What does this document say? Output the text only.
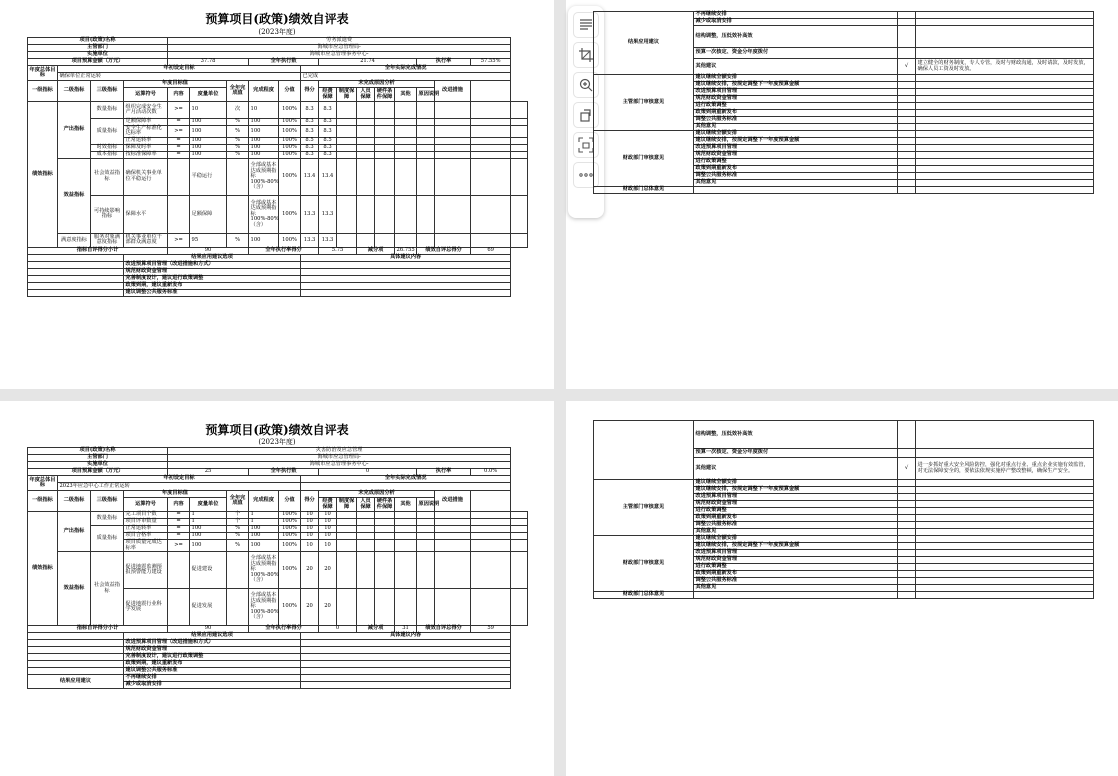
预算项目(政策)绩效自评表
(2023年度)
项目(政策)名称	劳务派遣费
主管部门	海城市应急管理局-
实施单位	海城市应急管理事务中心-
项目预算金额（万元）	37.78	全年执行数	21.74	执行率	57.55%
年度总体目标	年初设定目标	全年实际完成情况
确保单位正常运转	已完成
一级指标	二级指标	三级指标	年度目标值	全年完成值	完成程度	分值	得分	未完成原因分析	改进措施	
运算符号	内容	度量单位	经费保障	制度保障	人员保障	硬件条件保障	其他	原因说明

绩效指标	产出指标	数量指标	组织完成安全生产月活动次数	>=	10	次	10	100%	8.3	8.3								
质量指标	足额保障率	=	100	%	100	100%	8.3	8.3								
安全生产标准化达标率	>=	100	%	100	100%	8.3	8.3								
正常运转率	=	100	%	100	100%	8.5	8.5								
时效指标	保障及时率	=	100	%	100	100%	8.3	8.3								
成本指标	按标准保障率	=	100	%	100	100%	8.3	8.3								
效益指标	社会效益指标	确保机关事业单位平稳运行		平稳运行		全部或基本达成预期指标100%-80%（含）	100%	13.4	13.4								
可持续影响指标	保障水平		足额保障		全部或基本达成预期指标100%-80%（含）	100%	13.3	13.3								
满意度指标	服务对象满意度指标	机关事业单位干部群众满意度	>=	95	%	100	100%	13.3	13.3								
指标自评得分小计	90	全年执行率得分	5.75	减分项	26.755	绩效自评总得分	69
	结果应用建议选项	具体建议内容
	改进预算项目管理（改进措施和方式）	
	规范财政资金管理	
	完善制度设计，建议进行政策调整	
	政策到期，建议重新发布	
	建议调整公共服务标准	
结果应用建议	不再继续安排		
减少或取消安排		
结构调整，压低效补高效		
预算一次核定、资金分年度拨付		
其他建议	√	建立健全的财务制度，专人专管，及时与财政沟通，及时请款，及时发放，确保人员工资及时发放。
主管部门审核意见	建议继续全额安排		
建议继续安排，按规定调整下一年度预算金额		
改进预算项目管理		
规范财政资金管理		
进行政策调整		
政策到期重新发布		
调整公共服务标准		
其他意见		
财政部门审核意见	建议继续全额安排		
建议继续安排，按规定调整下一年度预算金额		
改进预算项目管理		
规范财政资金管理		
进行政策调整		
政策到期重新发布		
调整公共服务标准		
其他意见		
财政部门总体意见			
预算项目(政策)绩效自评表
(2023年度)
项目(政策)名称	灾害防治及应急管理
主管部门	海城市应急管理局-
实施单位	海城市应急管理事务中心-
项目预算金额（万元）	25	全年执行数	0	执行率	0.0%
年度总体目标	年初设定目标	全年实际完成情况
2023年应急中心工作正常运转	
一级指标	二级指标	三级指标	年度目标值	全年完成值	完成程度	分值	得分	未完成原因分析	改进措施	
运算符号	内容	度量单位	经费保障	制度保障	人员保障	硬件条件保障	其他	原因说明

绩效指标	产出指标	数量指标	完工项目个数	=	1	个	1	100%	10	10								
项目评审数量	=	1	个	1	100%	10	10								
质量指标	正常运转率	=	100	%	100	100%	10	10								
项目合格率	=	100	%	100	100%	10	10								
项目质量完成达标率	>=	100	%	100	100%	10	10								
效益指标	社会效益指标	促进地震监测预报预警能力建设		促进建设		全部或基本达成预期指标100%-80%（含）	100%	20	20								
促进地震行业科学发展		促进发展		全部或基本达成预期指标100%-80%（含）	100%	20	20								
指标自评得分小计	90	全年执行率得分	0	减分项	31	绩效自评总得分	59
	结果应用建议选项	具体建议内容
	改进预算项目管理（改进措施和方式）	
	规范财政资金管理	
	完善制度设计，建议进行政策调整	
	政策到期，建议重新发布	
	建议调整公共服务标准	
结果应用建议	不再继续安排	
减少或取消安排	
	结构调整，压低效补高效		
预算一次核定、资金分年度拨付		
其他建议	√	进一步抓好重大安全风险防控，强化对重点行业、重点企业实施有效监管，对无法保障安全的，要依法依规实施停产整改整顿，确保生产安全。
主管部门审核意见	建议继续全额安排		
建议继续安排，按规定调整下一年度预算金额		
改进预算项目管理		
规范财政资金管理		
进行政策调整		
政策到期重新发布		
调整公共服务标准		
其他意见		
财政部门审核意见	建议继续全额安排		
建议继续安排，按规定调整下一年度预算金额		
改进预算项目管理		
规范财政资金管理		
进行政策调整		
政策到期重新发布		
调整公共服务标准		
其他意见		
财政部门总体意见			
